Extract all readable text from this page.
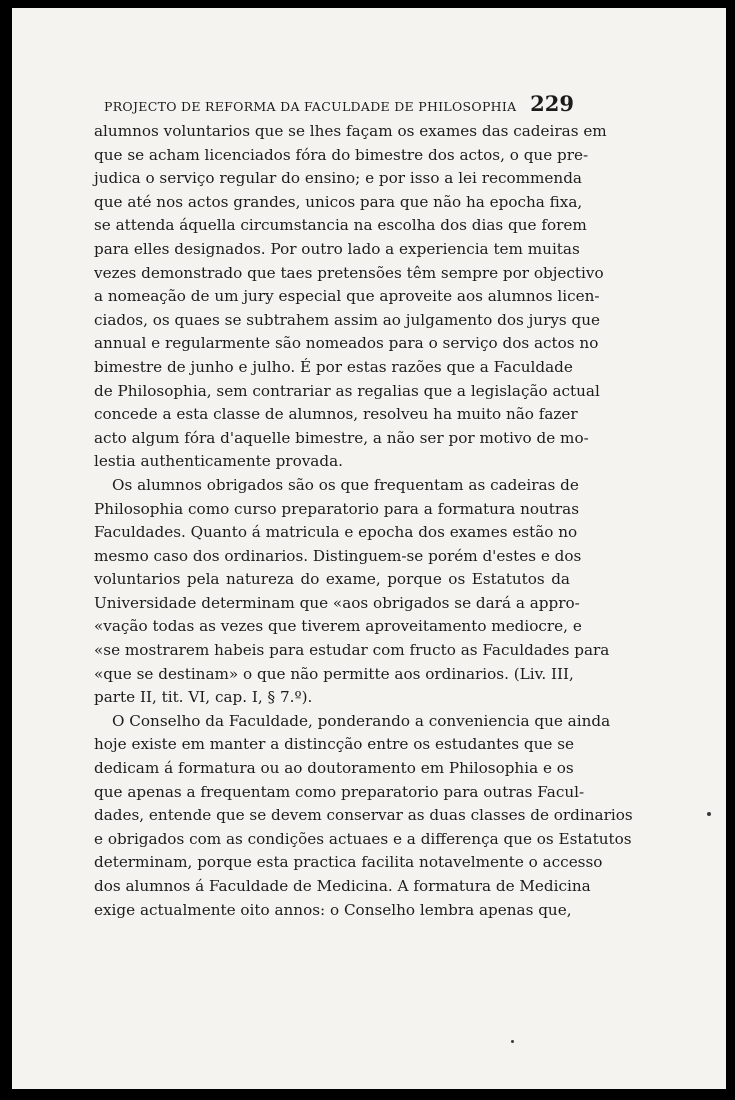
PROJECTO DE REFORMA DA FACULDADE DE PHILOSOPHIA 229
alumnos voluntarios que se lhes façam os exames das cadeiras em
que se acham licenciados fóra do bimestre dos actos, o que pre-
judica o serviço regular do ensino; e por isso a lei recommenda
que até nos actos grandes, unicos para que não ha epocha fixa,
se attenda áquella circumstancia na escolha dos dias que forem
para elles designados. Por outro lado a experiencia tem muitas
vezes demonstrado que taes pretensões têm sempre por objectivo
a nomeação de um jury especial que aproveite aos alumnos licen-
ciados, os quaes se subtrahem assim ao julgamento dos jurys que
annual e regularmente são nomeados para o serviço dos actos no
bimestre de junho e julho. É por estas razões que a Faculdade
de Philosophia, sem contrariar as regalias que a legislação actual
concede a esta classe de alumnos, resolveu ha muito não fazer
acto algum fóra d'aquelle bimestre, a não ser por motivo de mo-
lestia authenticamente provada.
Os alumnos obrigados são os que frequentam as cadeiras de
Philosophia como curso preparatorio para a formatura noutras
Faculdades. Quanto á matricula e epocha dos exames estão no
mesmo caso dos ordinarios. Distinguem-se porém d'estes e dos
voluntarios pela natureza do exame, porque os Estatutos da
Universidade determinam que «aos obrigados se dará a appro-
«vação todas as vezes que tiverem aproveitamento mediocre, e
«se mostrarem habeis para estudar com fructo as Faculdades para
«que se destinam» o que não permitte aos ordinarios. (Liv. III,
parte II, tit. VI, cap. I, § 7.º).
O Conselho da Faculdade, ponderando a conveniencia que ainda
hoje existe em manter a distincção entre os estudantes que se
dedicam á formatura ou ao doutoramento em Philosophia e os
que apenas a frequentam como preparatorio para outras Facul-
dades, entende que se devem conservar as duas classes de ordinarios
e obrigados com as condições actuaes e a differença que os Estatutos
determinam, porque esta practica facilita notavelmente o accesso
dos alumnos á Faculdade de Medicina. A formatura de Medicina
exige actualmente oito annos: o Conselho lembra apenas que,
